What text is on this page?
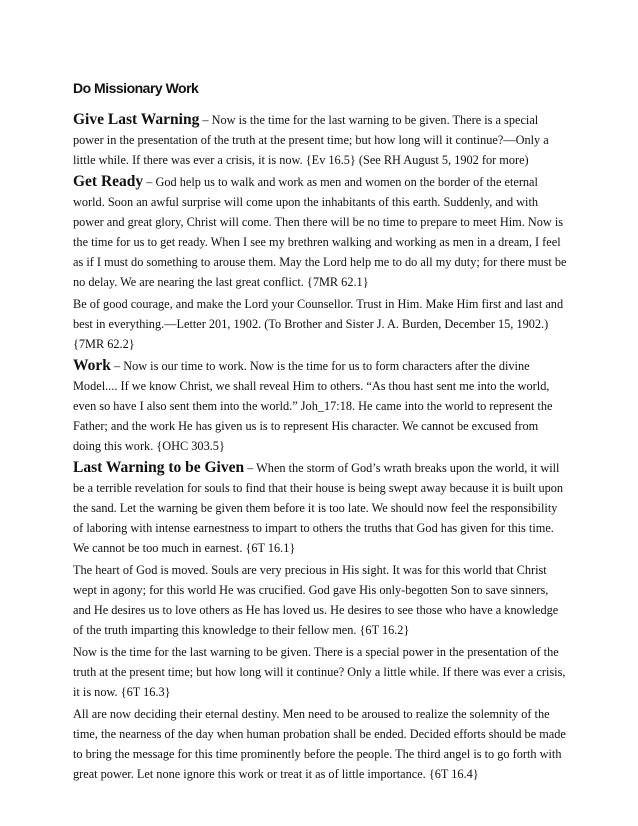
Do Missionary Work

Give Last Warning – Now is the time for the last warning to be given. There is a special power in the presentation of the truth at the present time; but how long will it continue?—Only a little while. If there was ever a crisis, it is now. {Ev 16.5} (See RH August 5, 1902 for more)

Get Ready – God help us to walk and work as men and women on the border of the eternal world. Soon an awful surprise will come upon the inhabitants of this earth. Suddenly, and with power and great glory, Christ will come. Then there will be no time to prepare to meet Him. Now is the time for us to get ready. When I see my brethren walking and working as men in a dream, I feel as if I must do something to arouse them. May the Lord help me to do all my duty; for there must be no delay. We are nearing the last great conflict. {7MR 62.1}

Be of good courage, and make the Lord your Counsellor. Trust in Him. Make Him first and last and best in everything.—Letter 201, 1902. (To Brother and Sister J. A. Burden, December 15, 1902.) {7MR 62.2}

Work – Now is our time to work. Now is the time for us to form characters after the divine Model.... If we know Christ, we shall reveal Him to others. “As thou hast sent me into the world, even so have I also sent them into the world.” Joh_17:18. He came into the world to represent the Father; and the work He has given us is to represent His character. We cannot be excused from doing this work. {OHC 303.5}

Last Warning to be Given – When the storm of God’s wrath breaks upon the world, it will be a terrible revelation for souls to find that their house is being swept away because it is built upon the sand. Let the warning be given them before it is too late. We should now feel the responsibility of laboring with intense earnestness to impart to others the truths that God has given for this time. We cannot be too much in earnest. {6T 16.1}

The heart of God is moved. Souls are very precious in His sight. It was for this world that Christ wept in agony; for this world He was crucified. God gave His only-begotten Son to save sinners, and He desires us to love others as He has loved us. He desires to see those who have a knowledge of the truth imparting this knowledge to their fellow men. {6T 16.2}

Now is the time for the last warning to be given. There is a special power in the presentation of the truth at the present time; but how long will it continue? Only a little while. If there was ever a crisis, it is now. {6T 16.3}

All are now deciding their eternal destiny. Men need to be aroused to realize the solemnity of the time, the nearness of the day when human probation shall be ended. Decided efforts should be made to bring the message for this time prominently before the people. The third angel is to go forth with great power. Let none ignore this work or treat it as of little importance. {6T 16.4}
